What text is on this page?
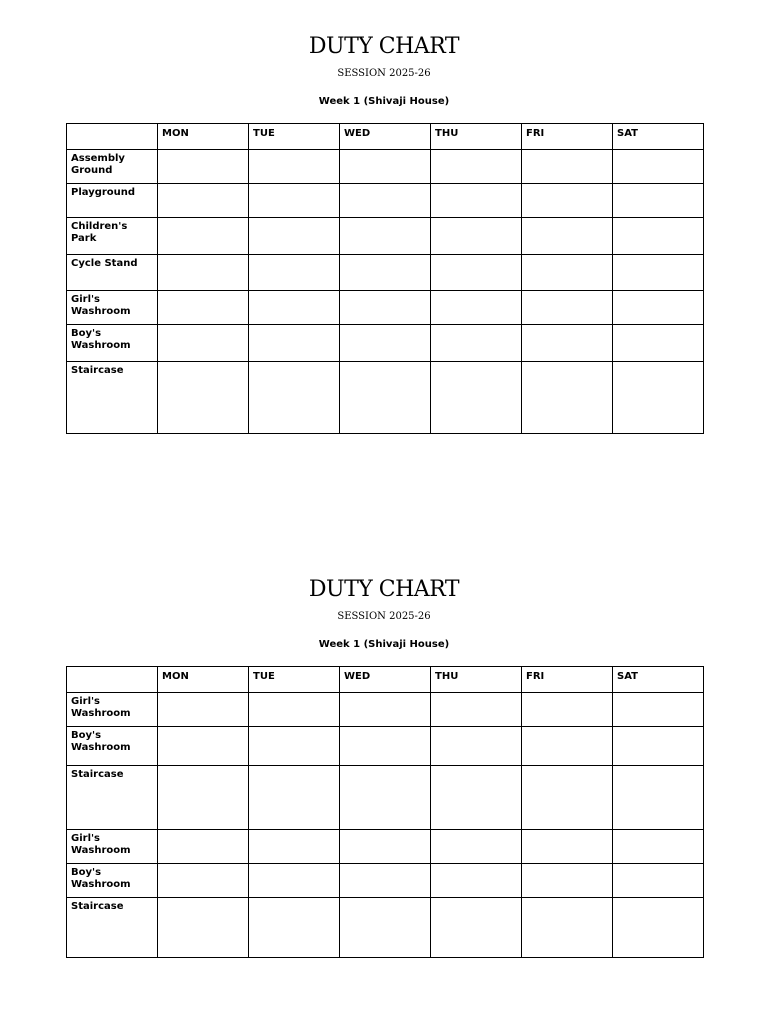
DUTY CHART
SESSION 2025-26
Week 1 (Shivaji House)
	MON	TUE	WED	THU	FRI	SAT
Assembly Ground						
Playground						
Children's Park						
Cycle Stand						
Girl's Washroom						
Boy's Washroom						
Staircase						
DUTY CHART
SESSION 2025-26
Week 1 (Shivaji House)
	MON	TUE	WED	THU	FRI	SAT
Girl's Washroom						
Boy's Washroom						
Staircase						
Girl's Washroom						
Boy's Washroom						
Staircase						
